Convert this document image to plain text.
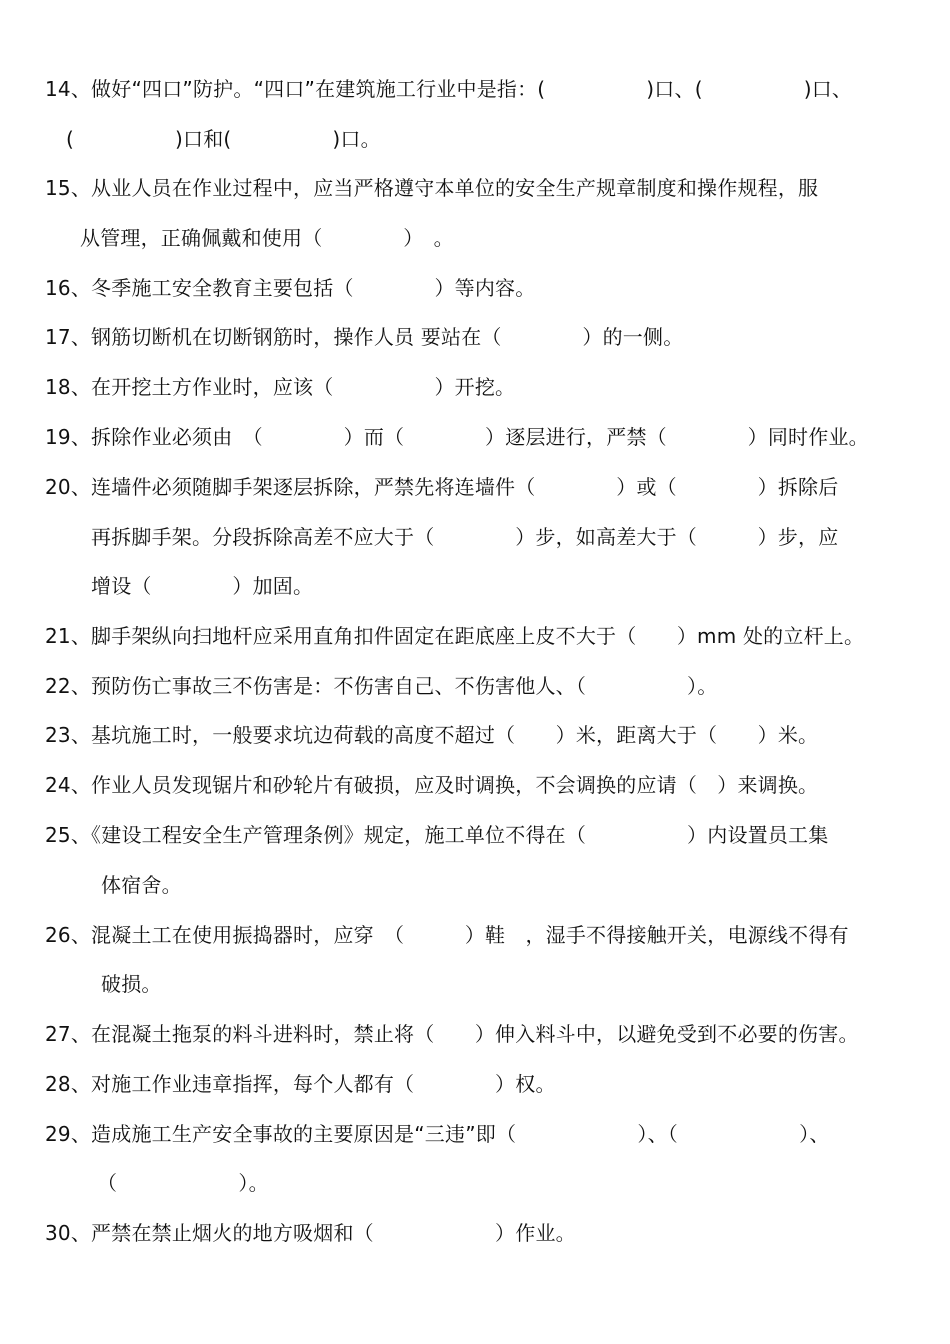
14、做好“四口”防护。“四口”在建筑施工行业中是指：(　　　　　)口、(　　　　　)口、
(　　　　　)口和(　　　　　)口。
15、从业人员在作业过程中，应当严格遵守本单位的安全生产规章制度和操作规程，服
从管理，正确佩戴和使用（　　　　）　。
16、冬季施工安全教育主要包括（　　　　）等内容。
17、钢筋切断机在切断钢筋时，操作人员 要站在（　　　　）的一侧。
18、在开挖土方作业时，应该（　　　　　）开挖。
19、拆除作业必须由　（　　　　）而（　　　　）逐层进行，严禁（　　　　）同时作业。
20、连墙件必须随脚手架逐层拆除，严禁先将连墙件（　　　　）或（　　　　）拆除后
再拆脚手架。分段拆除高差不应大于（　　　　）步，如高差大于（　　　）步，应
增设（　　　　）加固。
21、脚手架纵向扫地杆应采用直角扣件固定在距底座上皮不大于（　　）mm 处的立杆上。
22、预防伤亡事故三不伤害是：不伤害自己、不伤害他人、（　　　　　）。
23、基坑施工时，一般要求坑边荷载的高度不超过（　　）米，距离大于（　　）米。
24、作业人员发现锯片和砂轮片有破损，应及时调换，不会调换的应请（　）来调换。
25、《建设工程安全生产管理条例》规定，施工单位不得在（　　　　　）内设置员工集
体宿舍。
26、混凝土工在使用振捣器时，应穿　（　　　）鞋　，湿手不得接触开关，电源线不得有
破损。
27、在混凝土拖泵的料斗进料时，禁止将（　　）伸入料斗中，以避免受到不必要的伤害。
28、对施工作业违章指挥，每个人都有（　　　　）权。
29、造成施工生产安全事故的主要原因是“三违”即（　　　　　　）、（　　　　　　）、
（　　　　　　）。
30、严禁在禁止烟火的地方吸烟和（　　　　　　）作业。
